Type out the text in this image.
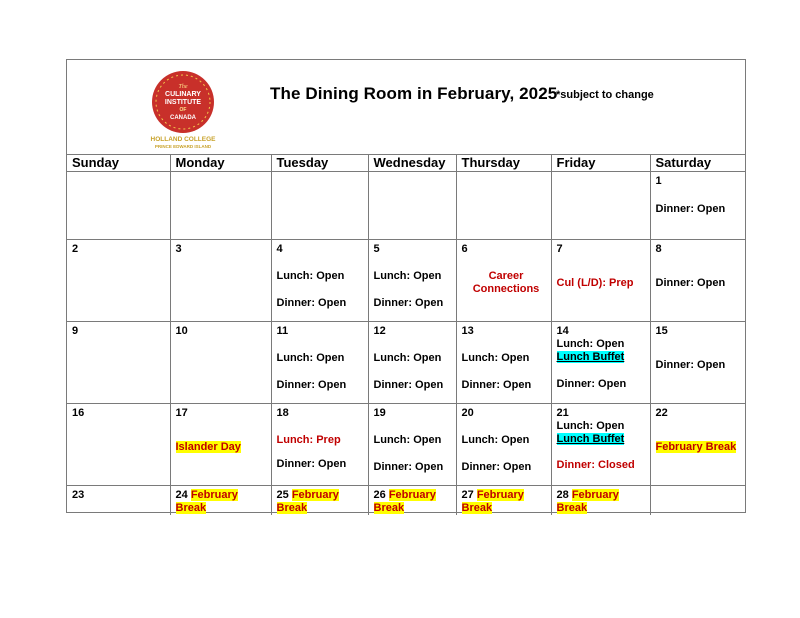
The
CULINARY
INSTITUTE
OF
CANADA
HOLLAND COLLEGE
PRINCE EDWARD ISLAND
The Dining Room in February, 2025
*subject to change
Sunday	Monday	Tuesday	Wednesday	Thursday	Friday	Saturday

						1
Dinner: Open

2	3	4
Lunch: Open
Dinner: Open	5
Lunch: Open
Dinner: Open	6
Career
Connections	7
Cul (L/D): Prep	8
Dinner: Open

9	10	11
Lunch: Open
Dinner: Open	12
Lunch: Open
Dinner: Open	13
Lunch: Open
Dinner: Open	14
Lunch: Open
Lunch Buffet
Dinner: Open	15
Dinner: Open

16	17
Islander Day	18
Lunch: Prep
Dinner: Open	19
Lunch: Open
Dinner: Open	20
Lunch: Open
Dinner: Open	21
Lunch: Open
Lunch Buffet
Dinner: Closed	22
February Break

23	24 February Break	25 February Break	26 February
Break	27 February
Break	28 February Break	
